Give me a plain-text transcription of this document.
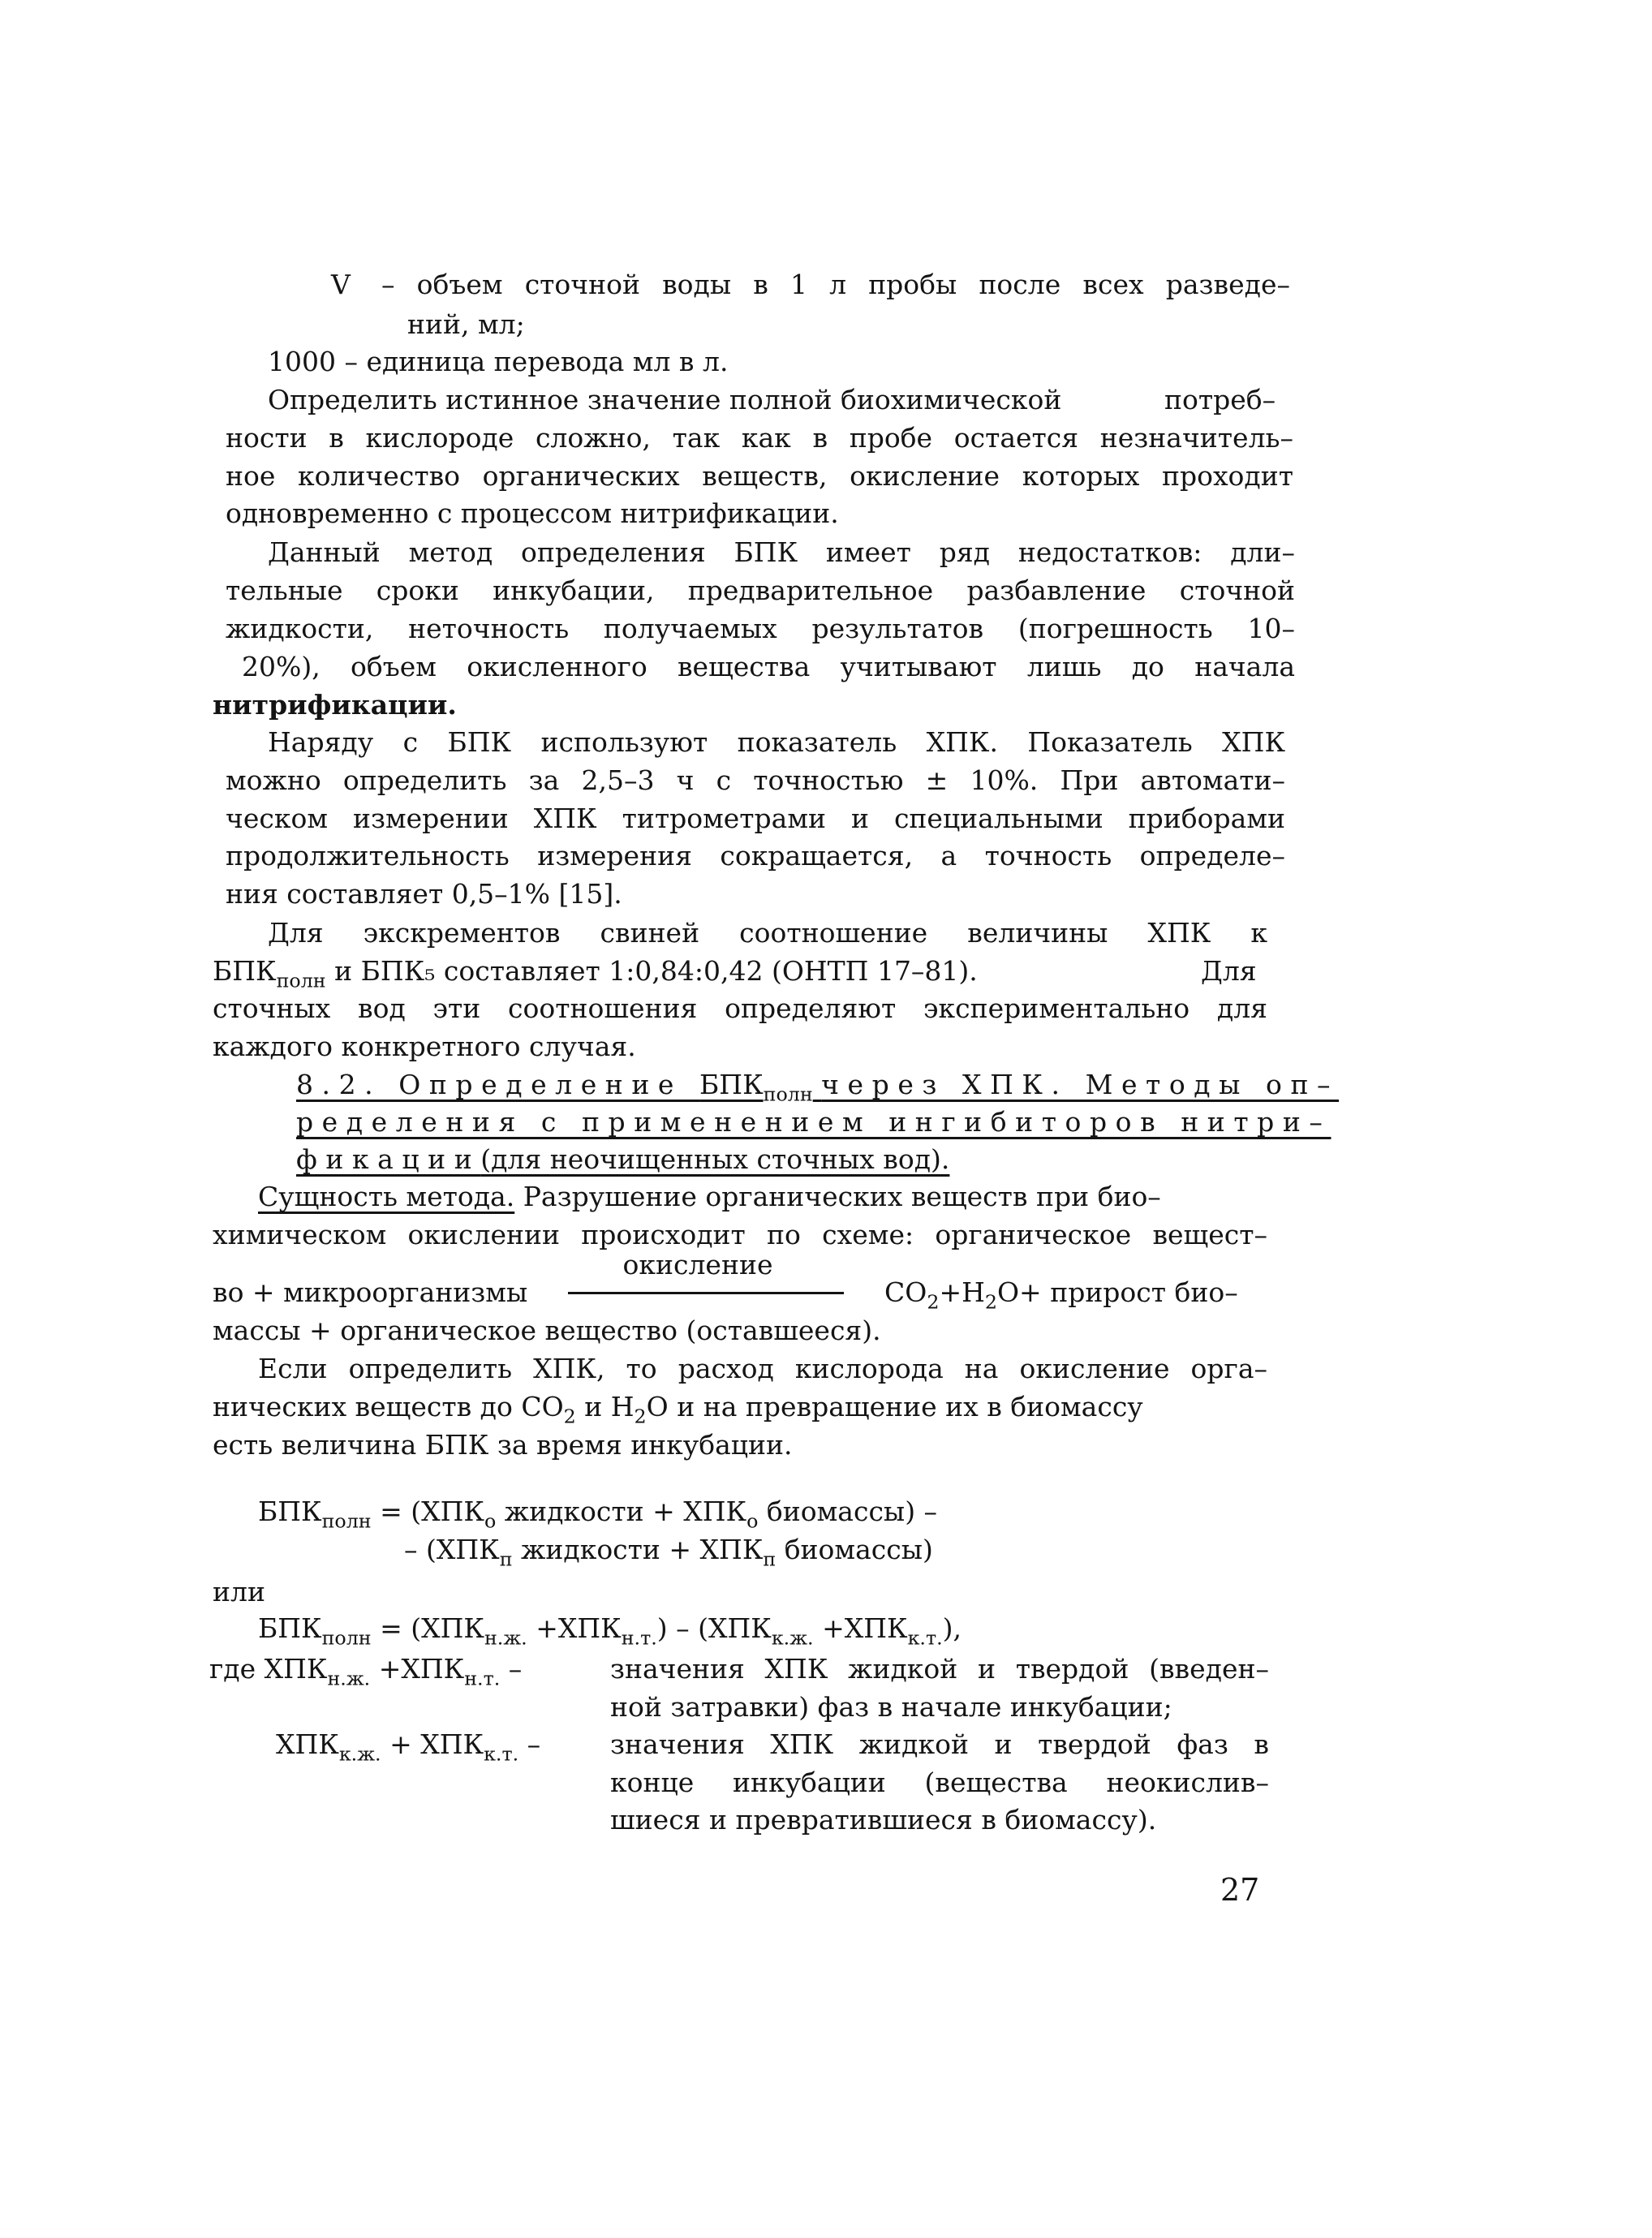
V – объем сточной воды в 1 л пробы после всех разведе–
ний, мл;
1000 – единица перевода мл в л.
Определить истинное значение полной биохимической	потреб–
ности в кислороде сложно, так как в пробе остается незначитель–
ное количество органических веществ, окисление которых проходит
одновременно с процессом нитрификации.
Данный метод определения БПК имеет ряд недостатков: дли–
тельные сроки инкубации, предварительное разбавление сточной
жидкости, неточность получаемых результатов (погрешность 10–
20%), объем окисленного вещества учитывают лишь до начала
нитрификации.
Наряду с БПК используют показатель ХПК. Показатель ХПК
можно определить за 2,5–3 ч с точностью ± 10%. При автомати–
ческом измерении ХПК титрометрами и специальными приборами
продолжительность измерения сокращается, а точность определе–
ния составляет 0,5–1% [15].
Для экскрементов свиней соотношение величины ХПК к
$БПК_{полн}$ и БПК₅ составляет 1:0,84:0,42 (ОНТП 17–81).	Для
сточных вод эти соотношения определяют экспериментально для
каждого конкретного случая.
8.2. Определение $БПК_{полн}$ через ХПК. Методы оп–
ределения с применением ингибиторов нитри–
фикации(для неочищенных сточных вод).
Сущность метода. Разрушение органических веществ при био–
химическом окислении происходит по схеме: органическое вещест–
окисление
во + микроорганизмы	$CO_2+H_2O+$ прирост био–
массы + органическое вещество (оставшееся).
Если определить ХПК, то расход кислорода на окисление орга–
нических веществ до $CO_2$ и $H_2O$ и на превращение их в биомассу
есть величина БПК за время инкубации.
$БПК_{полн} = (ХПК_о$ жидкости + $ХПК_о$ биомассы) –
– ($ХПК_п$ жидкости + $ХПК_п$ биомассы)
или
$БПК_{полн} = (ХПК_{н.ж.} +ХПК_{н.т.}) - (ХПК_{к.ж.} +ХПК_{к.т.})$,
где $ХПК_{н.ж.} +ХПК_{н.т.}$ –	значения ХПК жидкой и твердой (введен–
ной затравки) фаз в начале инкубации;
$ХПК_{к.ж.} + ХПК_{к.т.}$ –	значения ХПК жидкой и твердой фаз в
конце инкубации (вещества неокислив–
шиеся и превратившиеся в биомассу).
27
